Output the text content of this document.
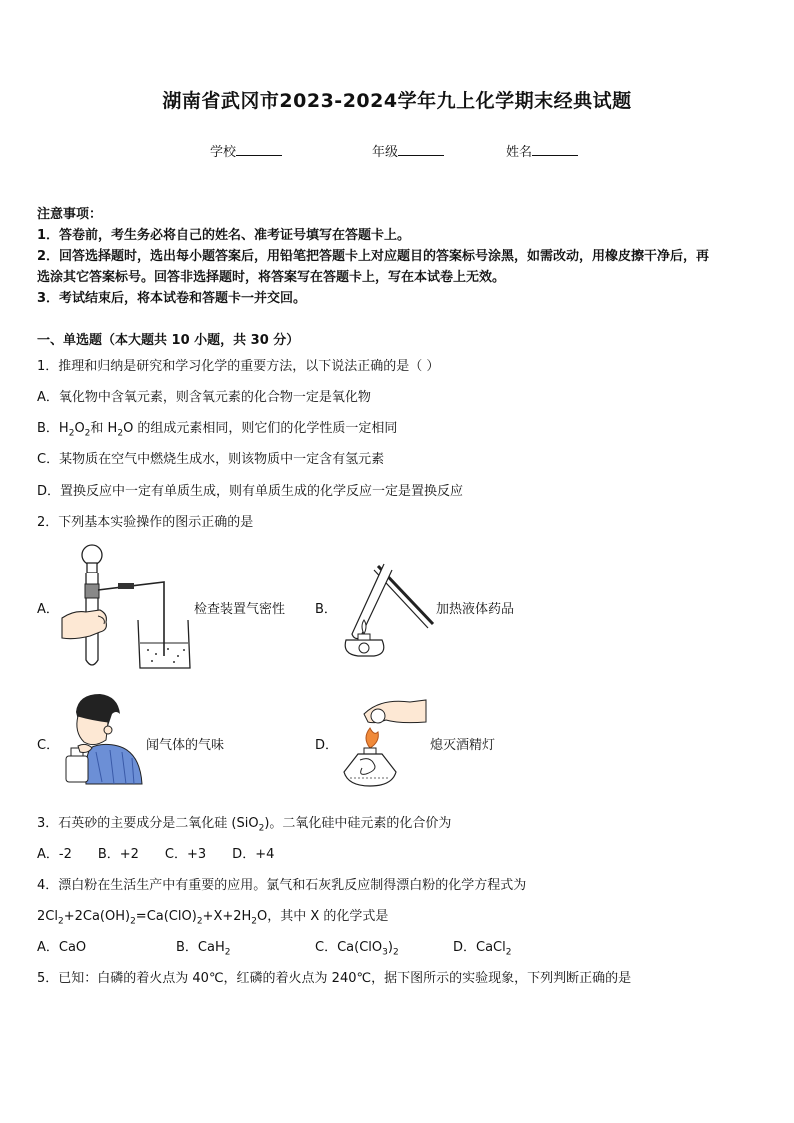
湖南省武冈市2023-2024学年九上化学期末经典试题
学校	年级	姓名
注意事项：
1．答卷前，考生务必将自己的姓名、准考证号填写在答题卡上。
2．回答选择题时，选出每小题答案后，用铅笔把答题卡上对应题目的答案标号涂黑，如需改动，用橡皮擦干净后，再
选涂其它答案标号。回答非选择题时，将答案写在答题卡上，写在本试卷上无效。
3．考试结束后，将本试卷和答题卡一并交回。
一、单选题（本大题共 10 小题，共 30 分）
1．推理和归纳是研究和学习化学的重要方法，以下说法正确的是（ ）
A．氧化物中含氧元素，则含氧元素的化合物一定是氧化物
B．$H_2O_2$和 $H_2O$ 的组成元素相同，则它们的化学性质一定相同
C．某物质在空气中燃烧生成水，则该物质中一定含有氢元素
D．置换反应中一定有单质生成，则有单质生成的化学反应一定是置换反应
2．下列基本实验操作的图示正确的是
A．	检查装置气密性 B．	加热液体药品
C．	闻气体的气味	D．	熄灭酒精灯
3．石英砂的主要成分是二氧化硅 (SiO$_2$)。二氧化硅中硅元素的化合价为
A．-2　　B．+2　　C．+3　　D．+4
4．漂白粉在生活生产中有重要的应用。氯气和石灰乳反应制得漂白粉的化学方程式为
$2Cl_2+2Ca(OH)_2=Ca(ClO)_2+X+2H_2O$，其中 X 的化学式是
A．CaO	B．CaH$_2$	C．$Ca(ClO_3)_2$	D．CaCl$_2$
5．已知：白磷的着火点为 40℃，红磷的着火点为 240℃，据下图所示的实验现象，下列判断正确的是
